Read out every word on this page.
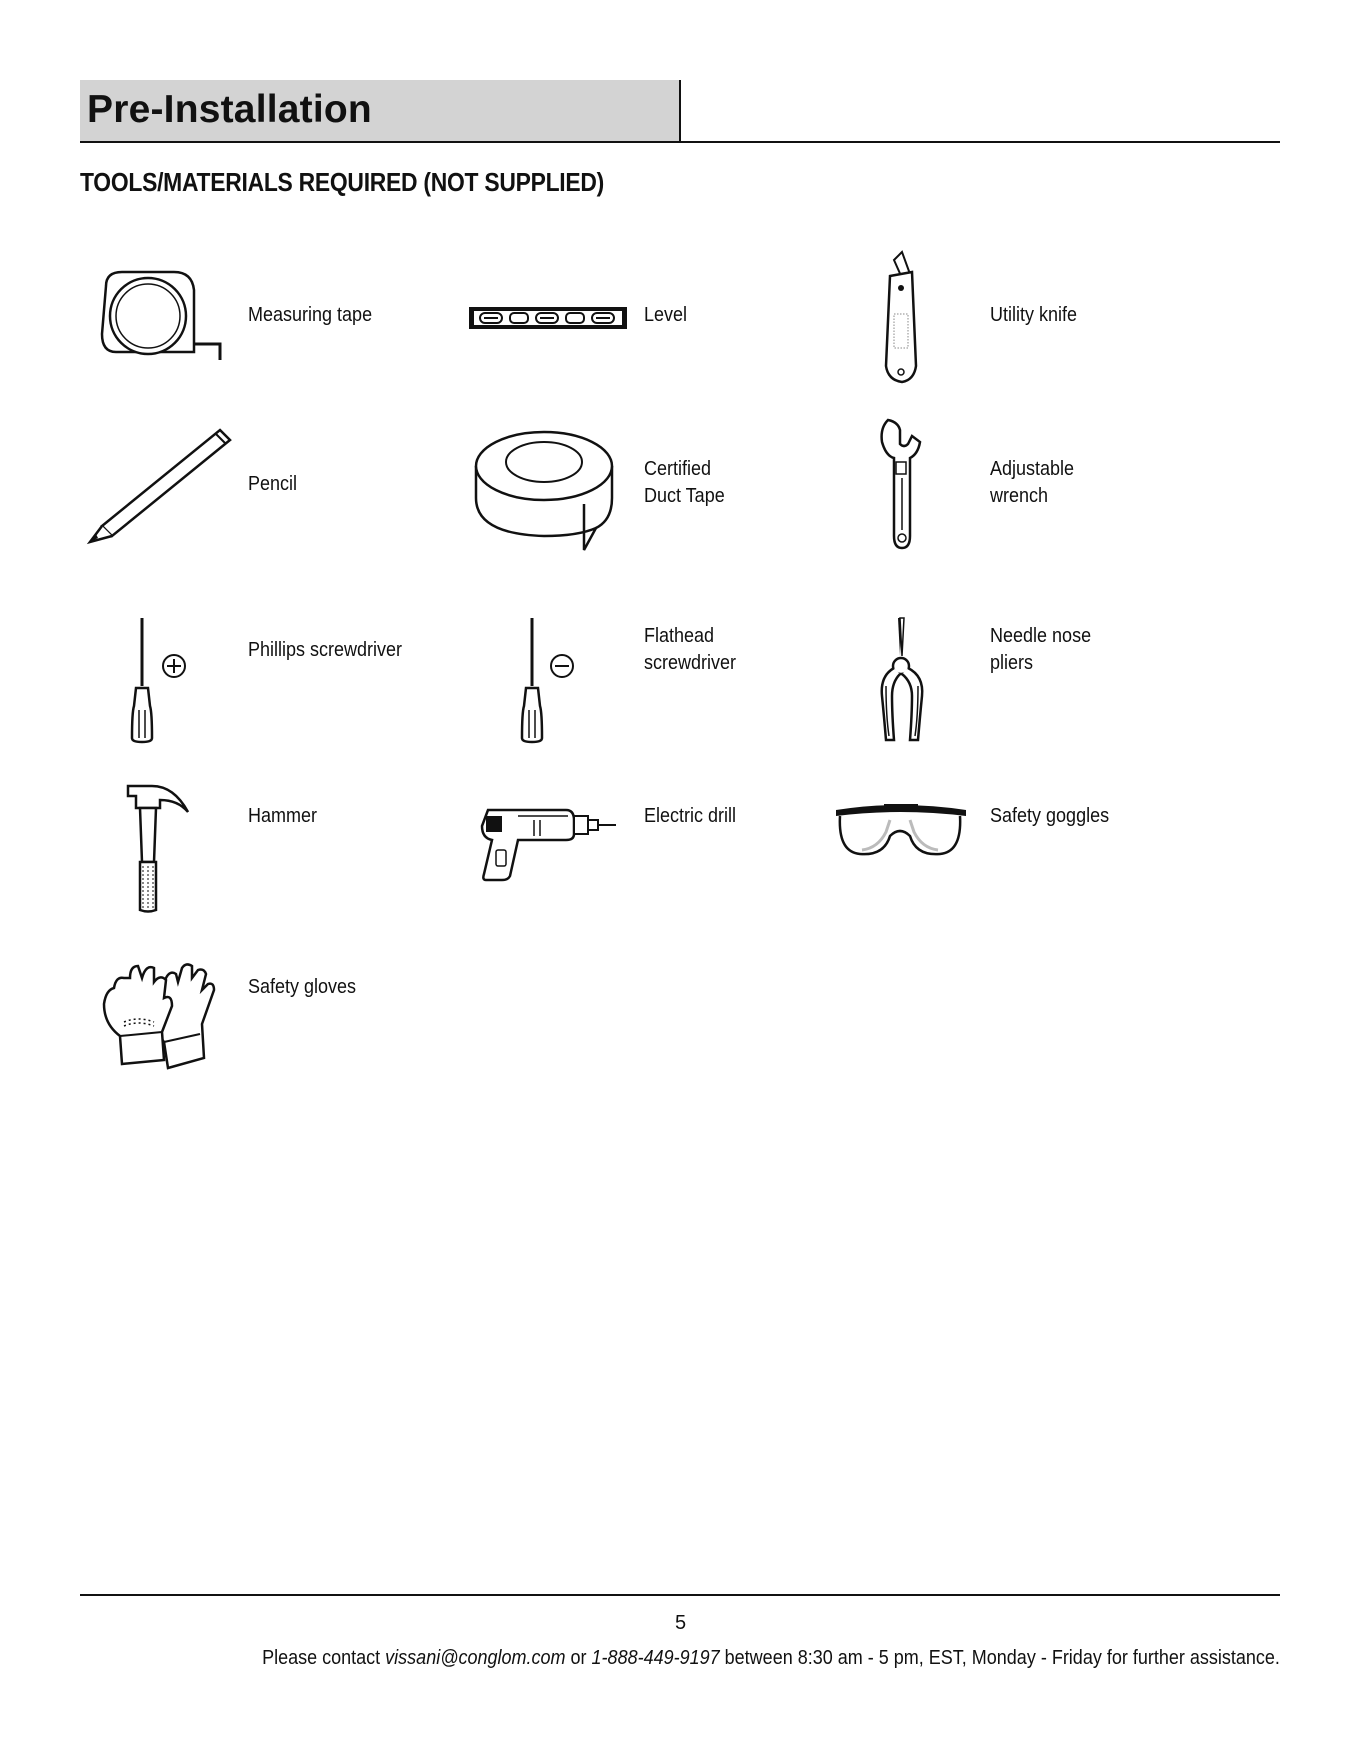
Pre-Installation
TOOLS/MATERIALS REQUIRED (NOT SUPPLIED)
Measuring tape	Level	Utility knife
Pencil
Certified
Duct Tape
Adjustable
wrench
Phillips screwdriver
Flathead
screwdriver
Needle nose
pliers
Hammer	Electric drill	Safety goggles
Safety gloves
5
Please contact vissani@conglom.com or 1-888-449-9197 between 8:30 am - 5 pm, EST, Monday - Friday for further assistance.
